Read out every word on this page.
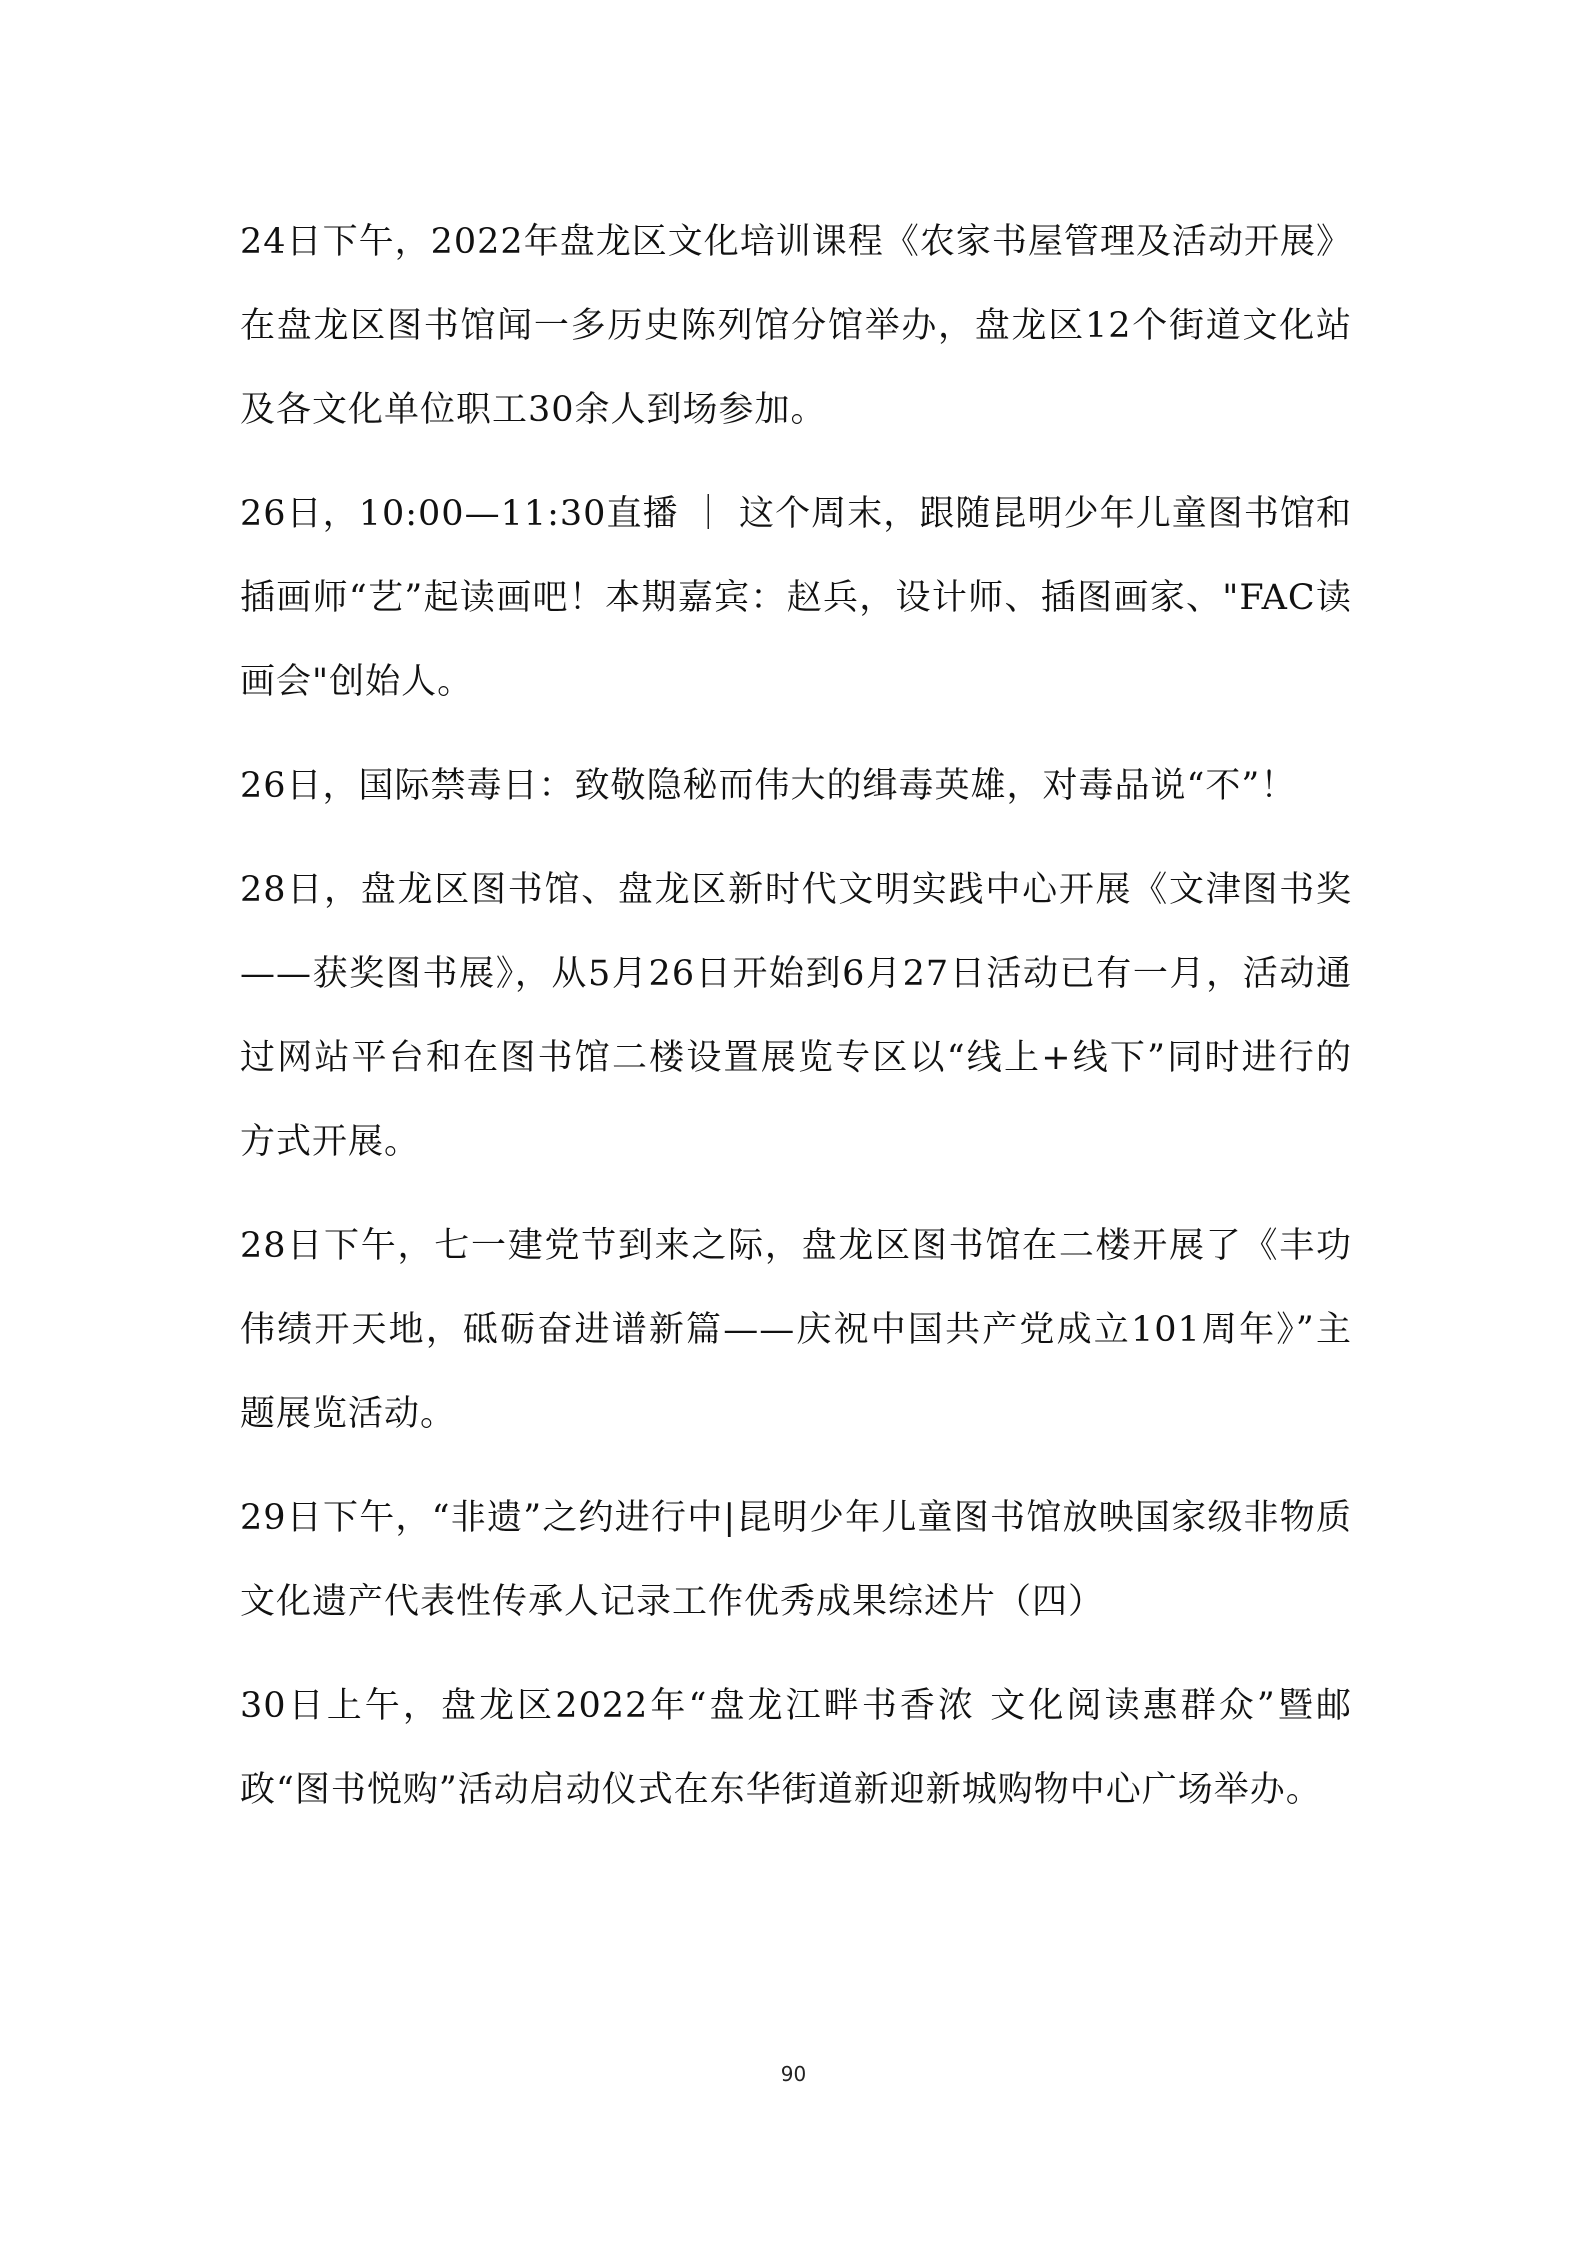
24日下午，2022年盘龙区文化培训课程《农家书屋管理及活动开展》在盘龙区图书馆闻一多历史陈列馆分馆举办，盘龙区12个街道文化站及各文化单位职工30余人到场参加。

26日，10:00—11:30直播 ｜ 这个周末，跟随昆明少年儿童图书馆和插画师“艺”起读画吧！本期嘉宾：赵兵，设计师、插图画家、"FAC读画会"创始人。

26日，国际禁毒日：致敬隐秘而伟大的缉毒英雄，对毒品说“不”！

28日，盘龙区图书馆、盘龙区新时代文明实践中心开展《文津图书奖——获奖图书展》，从5月26日开始到6月27日活动已有一月，活动通过网站平台和在图书馆二楼设置展览专区以“线上+线下”同时进行的方式开展。

28日下午，七一建党节到来之际，盘龙区图书馆在二楼开展了《丰功伟绩开天地，砥砺奋进谱新篇——庆祝中国共产党成立101周年》”主题展览活动。

29日下午，“非遗”之约进行中|昆明少年儿童图书馆放映国家级非物质文化遗产代表性传承人记录工作优秀成果综述片（四）

30日上午，盘龙区2022年“盘龙江畔书香浓 文化阅读惠群众”暨邮政“图书悦购”活动启动仪式在东华街道新迎新城购物中心广场举办。

90
